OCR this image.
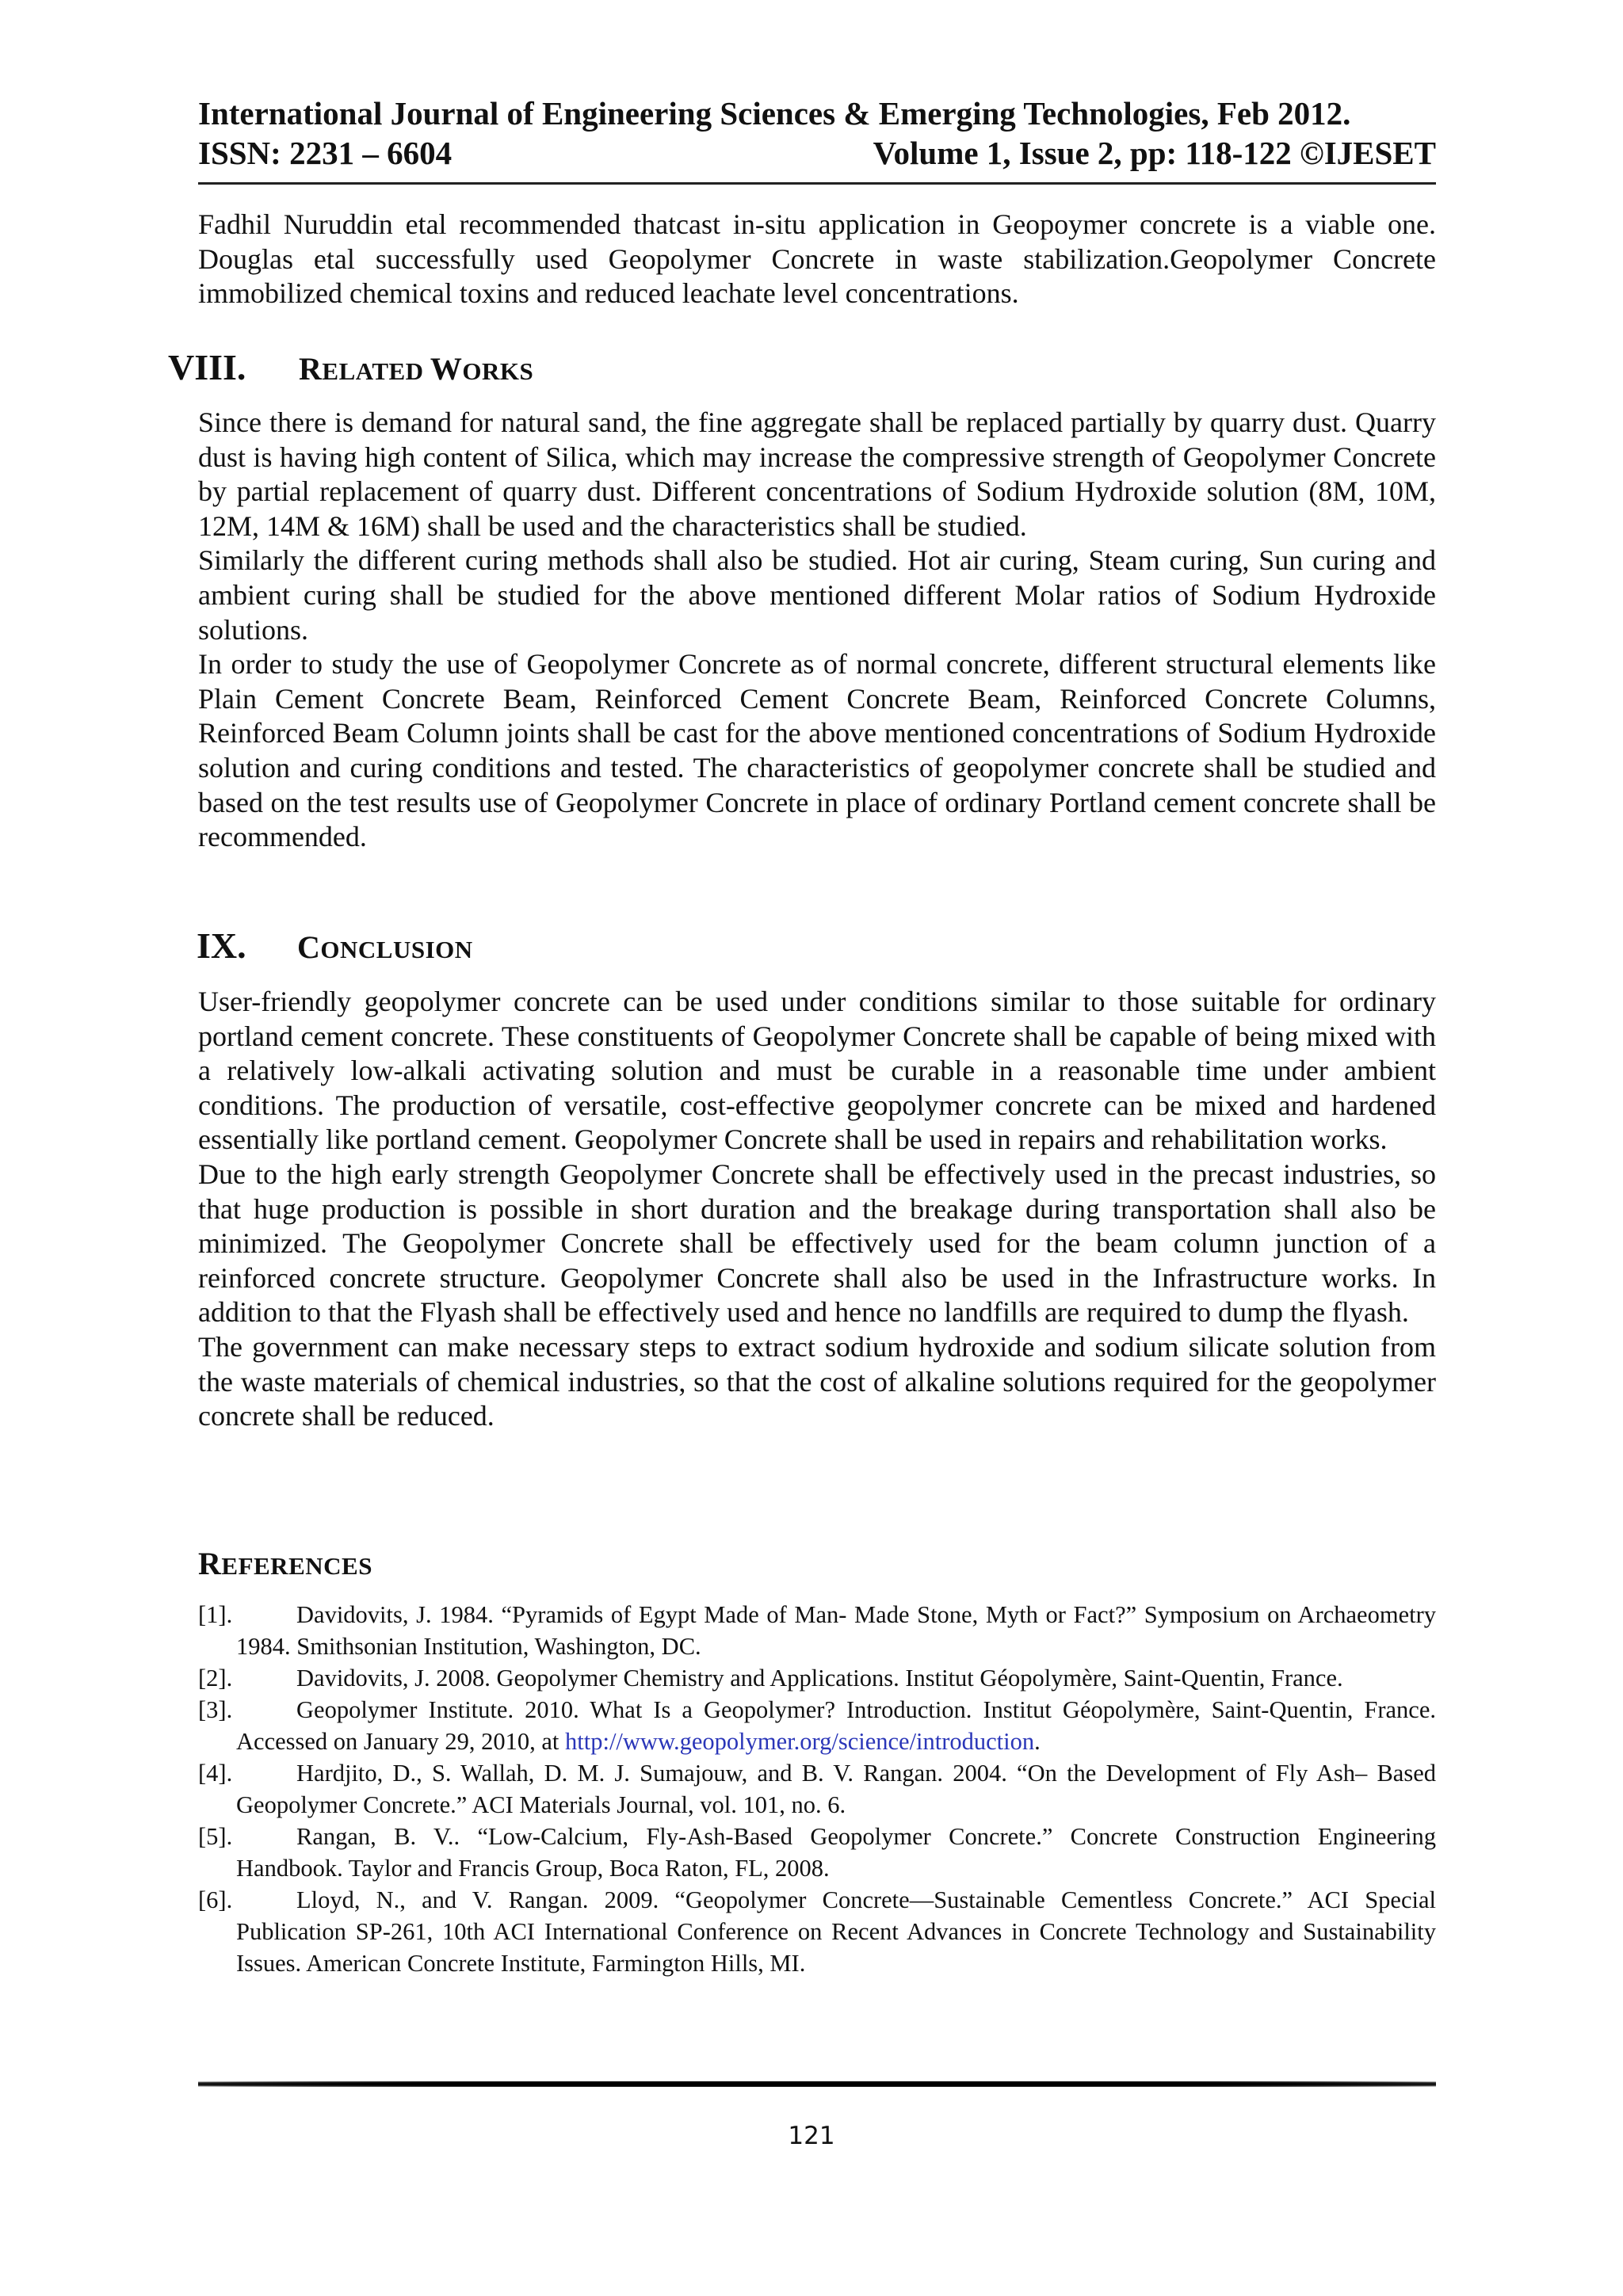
International Journal of Engineering Sciences & Emerging Technologies, Feb 2012.
ISSN: 2231 – 6604	Volume 1, Issue 2, pp: 118-122 ©IJESET

Fadhil Nuruddin etal recommended thatcast in-situ application in Geopoymer concrete is a viable one. Douglas etal successfully used Geopolymer Concrete in waste stabilization.Geopolymer Concrete immobilized chemical toxins and reduced leachate level concentrations.

VIII.	RELATED WORKS

Since there is demand for natural sand, the fine aggregate shall be replaced partially by quarry dust. Quarry dust is having high content of Silica, which may increase the compressive strength of Geopolymer Concrete by partial replacement of quarry dust. Different concentrations of Sodium Hydroxide solution (8M, 10M, 12M, 14M & 16M) shall be used and the characteristics shall be studied.

Similarly the different curing methods shall also be studied. Hot air curing, Steam curing, Sun curing and ambient curing shall be studied for the above mentioned different Molar ratios of Sodium Hydroxide solutions.

In order to study the use of Geopolymer Concrete as of normal concrete, different structural elements like Plain Cement Concrete Beam, Reinforced Cement Concrete Beam, Reinforced Concrete Columns, Reinforced Beam Column joints shall be cast for the above mentioned concentrations of Sodium Hydroxide solution and curing conditions and tested. The characteristics of geopolymer concrete shall be studied and based on the test results use of Geopolymer Concrete in place of ordinary Portland cement concrete shall be recommended.

IX.	CONCLUSION

User-friendly geopolymer concrete can be used under conditions similar to those suitable for ordinary portland cement concrete. These constituents of Geopolymer Concrete shall be capable of being mixed with a relatively low-alkali activating solution and must be curable in a reasonable time under ambient conditions. The production of versatile, cost-effective geopolymer concrete can be mixed and hardened essentially like portland cement. Geopolymer Concrete shall be used in repairs and rehabilitation works.

Due to the high early strength Geopolymer Concrete shall be effectively used in the precast industries, so that huge production is possible in short duration and the breakage during transportation shall also be minimized. The Geopolymer Concrete shall be effectively used for the beam column junction of a reinforced concrete structure. Geopolymer Concrete shall also be used in the Infrastructure works. In addition to that the Flyash shall be effectively used and hence no landfills are required to dump the flyash.

The government can make necessary steps to extract sodium hydroxide and sodium silicate solution from the waste materials of chemical industries, so that the cost of alkaline solutions required for the geopolymer concrete shall be reduced.

REFERENCES

[1].	Davidovits, J. 1984. “Pyramids of Egypt Made of Man- Made Stone, Myth or Fact?” Symposium on Archaeometry 1984. Smithsonian Institution, Washington, DC.

[2].	Davidovits, J. 2008. Geopolymer Chemistry and Applications. Institut Géopolymère, Saint-Quentin, France.

[3].	Geopolymer Institute. 2010. What Is a Geopolymer? Introduction. Institut Géopolymère, Saint-Quentin, France. Accessed on January 29, 2010, at http://www.geopolymer.org/science/introduction.

[4].	Hardjito, D., S. Wallah, D. M. J. Sumajouw, and B. V. Rangan. 2004. “On the Development of Fly Ash– Based Geopolymer Concrete.” ACI Materials Journal, vol. 101, no. 6.

[5].	Rangan, B. V.. “Low-Calcium, Fly-Ash-Based Geopolymer Concrete.” Concrete Construction Engineering Handbook. Taylor and Francis Group, Boca Raton, FL, 2008.

[6].	Lloyd, N., and V. Rangan. 2009. “Geopolymer Concrete—Sustainable Cementless Concrete.” ACI Special Publication SP-261, 10th ACI International Conference on Recent Advances in Concrete Technology and Sustainability Issues. American Concrete Institute, Farmington Hills, MI.

121
